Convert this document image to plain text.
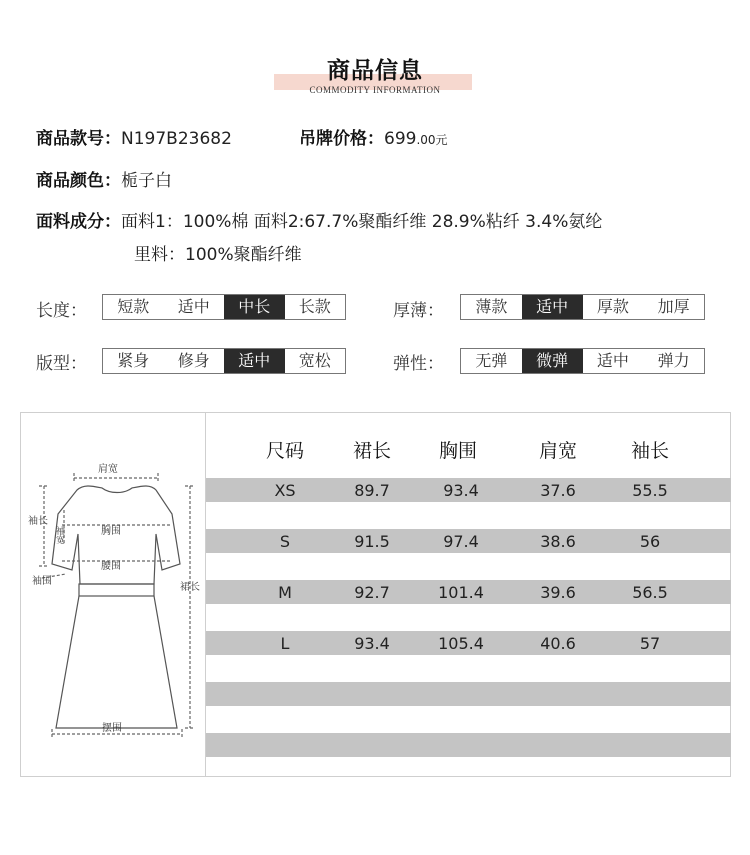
商品信息
COMMODITY INFORMATION
商品款号：N197B23682	吊牌价格：699.00元
商品颜色：栀子白
面料成分：面料1：100%棉 面料2:67.7%聚酯纤维 28.9%粘纤 3.4%氨纶
里料：100%聚酯纤维
长度：	短款	适中	中长	长款	厚薄：	薄款	适中	厚款	加厚
版型：	紧身	修身	适中	宽松	弹性：	无弹	微弹	适中	弹力
尺码	裙长	胸围	肩宽	袖长
XS	89.7	93.4	37.6	55.5
S	91.5	97.4	38.6	56
M	92.7	101.4	39.6	56.5
L	93.4	105.4	40.6	57
肩宽
袖长
袖宽	胸围
腰围
袖围
裙长
摆围
